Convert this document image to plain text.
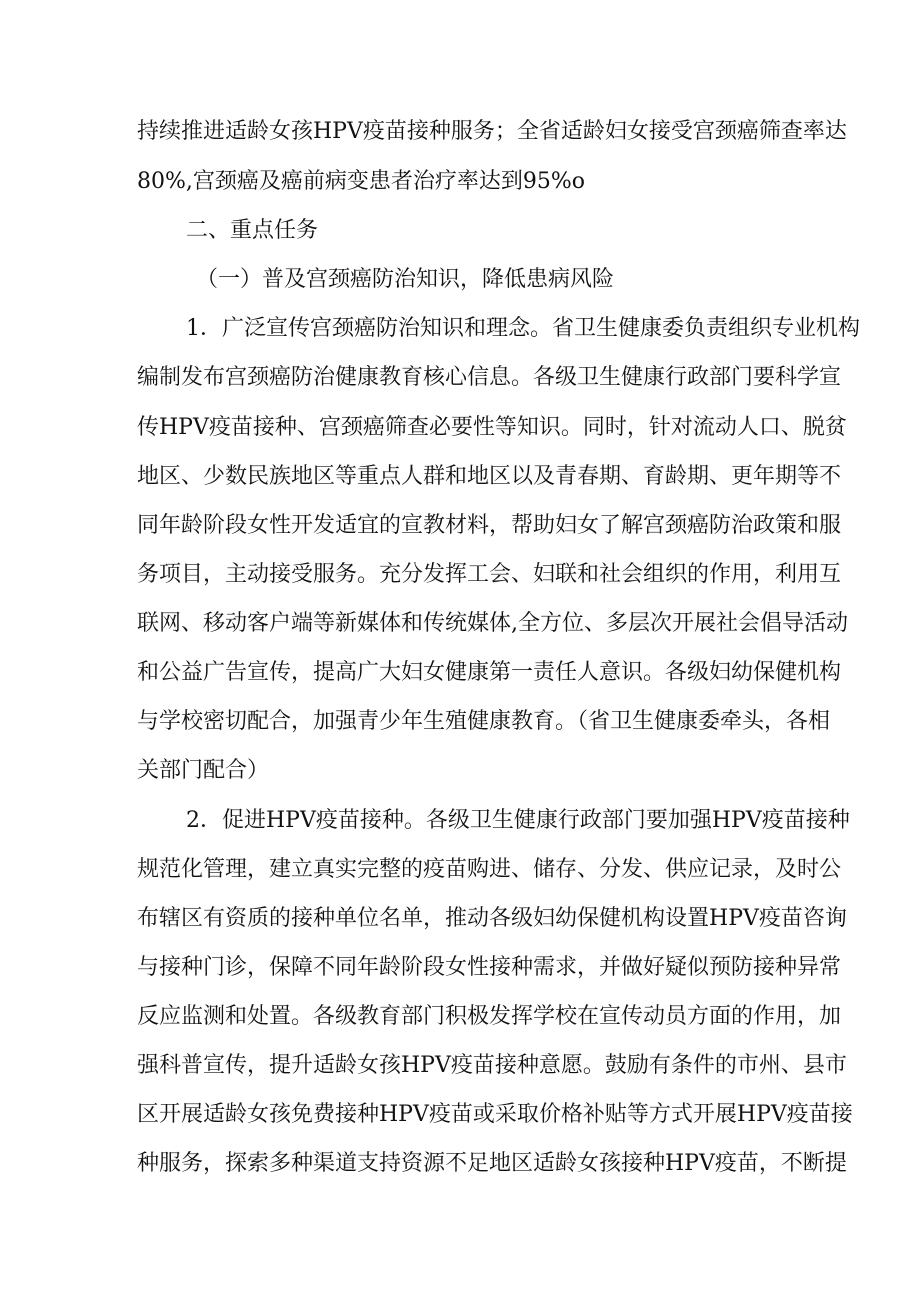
持续推进适龄女孩HPV疫苗接种服务；全省适龄妇女接受宫颈癌筛查率达
80%,宫颈癌及癌前病变患者治疗率达到95%o
二、重点任务
（一）普及宫颈癌防治知识，降低患病风险
1．广泛宣传宫颈癌防治知识和理念。省卫生健康委负责组织专业机构
编制发布宫颈癌防治健康教育核心信息。各级卫生健康行政部门要科学宣
传HPV疫苗接种、宫颈癌筛查必要性等知识。同时，针对流动人口、脱贫
地区、少数民族地区等重点人群和地区以及青春期、育龄期、更年期等不
同年龄阶段女性开发适宜的宣教材料，帮助妇女了解宫颈癌防治政策和服
务项目，主动接受服务。充分发挥工会、妇联和社会组织的作用，利用互
联网、移动客户端等新媒体和传统媒体,全方位、多层次开展社会倡导活动
和公益广告宣传，提高广大妇女健康第一责任人意识。各级妇幼保健机构
与学校密切配合，加强青少年生殖健康教育。（省卫生健康委牵头，各相
关部门配合）
2．促进HPV疫苗接种。各级卫生健康行政部门要加强HPV疫苗接种
规范化管理，建立真实完整的疫苗购进、储存、分发、供应记录，及时公
布辖区有资质的接种单位名单，推动各级妇幼保健机构设置HPV疫苗咨询
与接种门诊，保障不同年龄阶段女性接种需求，并做好疑似预防接种异常
反应监测和处置。各级教育部门积极发挥学校在宣传动员方面的作用，加
强科普宣传，提升适龄女孩HPV疫苗接种意愿。鼓励有条件的市州、县市
区开展适龄女孩免费接种HPV疫苗或采取价格补贴等方式开展HPV疫苗接
种服务，探索多种渠道支持资源不足地区适龄女孩接种HPV疫苗，不断提
